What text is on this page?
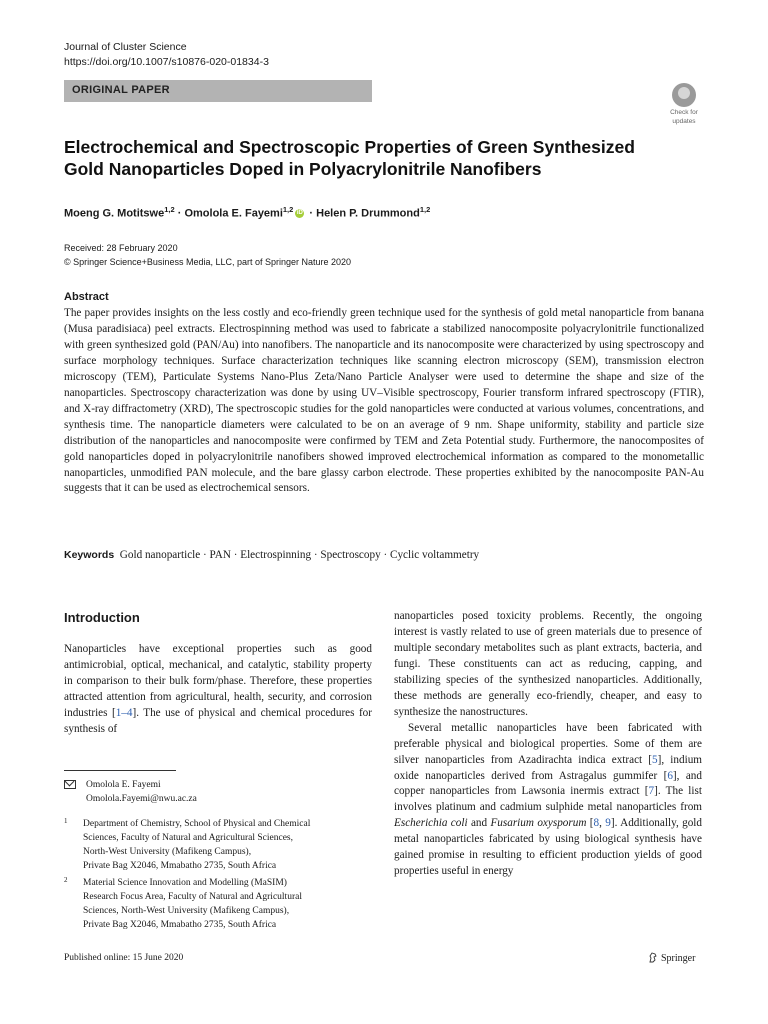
Journal of Cluster Science
https://doi.org/10.1007/s10876-020-01834-3
ORIGINAL PAPER
Check for
updates
Electrochemical and Spectroscopic Properties of Green Synthesized
Gold Nanoparticles Doped in Polyacrylonitrile Nanofibers
Moeng G. Motitswe$^{1,2}$ · Omolola E. Fayemi$^{1,2}$ iD · Helen P. Drummond$^{1,2}$
Received: 28 February 2020
© Springer Science+Business Media, LLC, part of Springer Nature 2020
Abstract
The paper provides insights on the less costly and eco-friendly green technique used for the synthesis of gold metal nanoparticle from banana (Musa paradisiaca) peel extracts. Electrospinning method was used to fabricate a stabilized nanocomposite polyacrylonitrile functionalized with green synthesized gold (PAN/Au) into nanofibers. The nanoparticle and its nanocomposite were characterized by using spectroscopy and surface morphology techniques. Surface characterization techniques like scanning electron microscopy (SEM), transmission electron microscopy (TEM), Particulate Systems Nano-Plus Zeta/Nano Particle Analyser were used to determine the shape and size of the nanoparticles. Spectroscopy characterization was done by using UV–Visible spectroscopy, Fourier transform infrared spectroscopy (FTIR), and X-ray diffractometry (XRD), The spectroscopic studies for the gold nanoparticles were conducted at various volumes, concentrations, and synthesis time. The nanoparticle diameters were calculated to be on an average of 9 nm. Shape uniformity, stability and particle size distribution of the nanoparticles and nanocomposite were confirmed by TEM and Zeta Potential study. Furthermore, the nanocomposites of gold nanoparticles doped in polyacrylonitrile nanofibers showed improved electrochemical information as compared to the monometallic nanoparticles, unmodified PAN molecule, and the bare glassy carbon electrode. These properties exhibited by the nanocomposite PAN-Au suggests that it can be used as electrochemical sensors.
Keywords Gold nanoparticle · PAN · Electrospinning · Spectroscopy · Cyclic voltammetry
Introduction

Nanoparticles have exceptional properties such as good antimicrobial, optical, mechanical, and catalytic, stability property in comparison to their bulk form/phase. Therefore, these properties attracted attention from agricultural, health, security, and corrosion industries [1–4]. The use of physical and chemical procedures for synthesis of

nanoparticles posed toxicity problems. Recently, the ongoing interest is vastly related to use of green materials due to presence of multiple secondary metabolites such as plant extracts, bacteria, and fungi. These constituents can act as reducing, capping, and stabilizing species of the synthesized nanoparticles. Additionally, these methods are generally eco-friendly, cheaper, and easy to synthesize the nanostructures.

Several metallic nanoparticles have been fabricated with preferable physical and biological properties. Some of them are silver nanoparticles from Azadirachta indica extract [5], indium oxide nanoparticles derived from Astragalus gummifer [6], and copper nanoparticles from Lawsonia inermis extract [7]. The list involves platinum and cadmium sulphide metal nanoparticles from Escherichia coli and Fusarium oxysporum [8, 9]. Additionally, gold metal nanoparticles fabricated by using biological synthesis have gained promise in resulting to efficient production yields of good properties useful in energy

Omolola E. Fayemi
Omolola.Fayemi@nwu.ac.za
1 Department of Chemistry, School of Physical and Chemical
Sciences, Faculty of Natural and Agricultural Sciences,
North-West University (Mafikeng Campus),
Private Bag X2046, Mmabatho 2735, South Africa
2 Material Science Innovation and Modelling (MaSIM)
Research Focus Area, Faculty of Natural and Agricultural
Sciences, North-West University (Mafikeng Campus),
Private Bag X2046, Mmabatho 2735, South Africa
Published online: 15 June 2020	Springer
